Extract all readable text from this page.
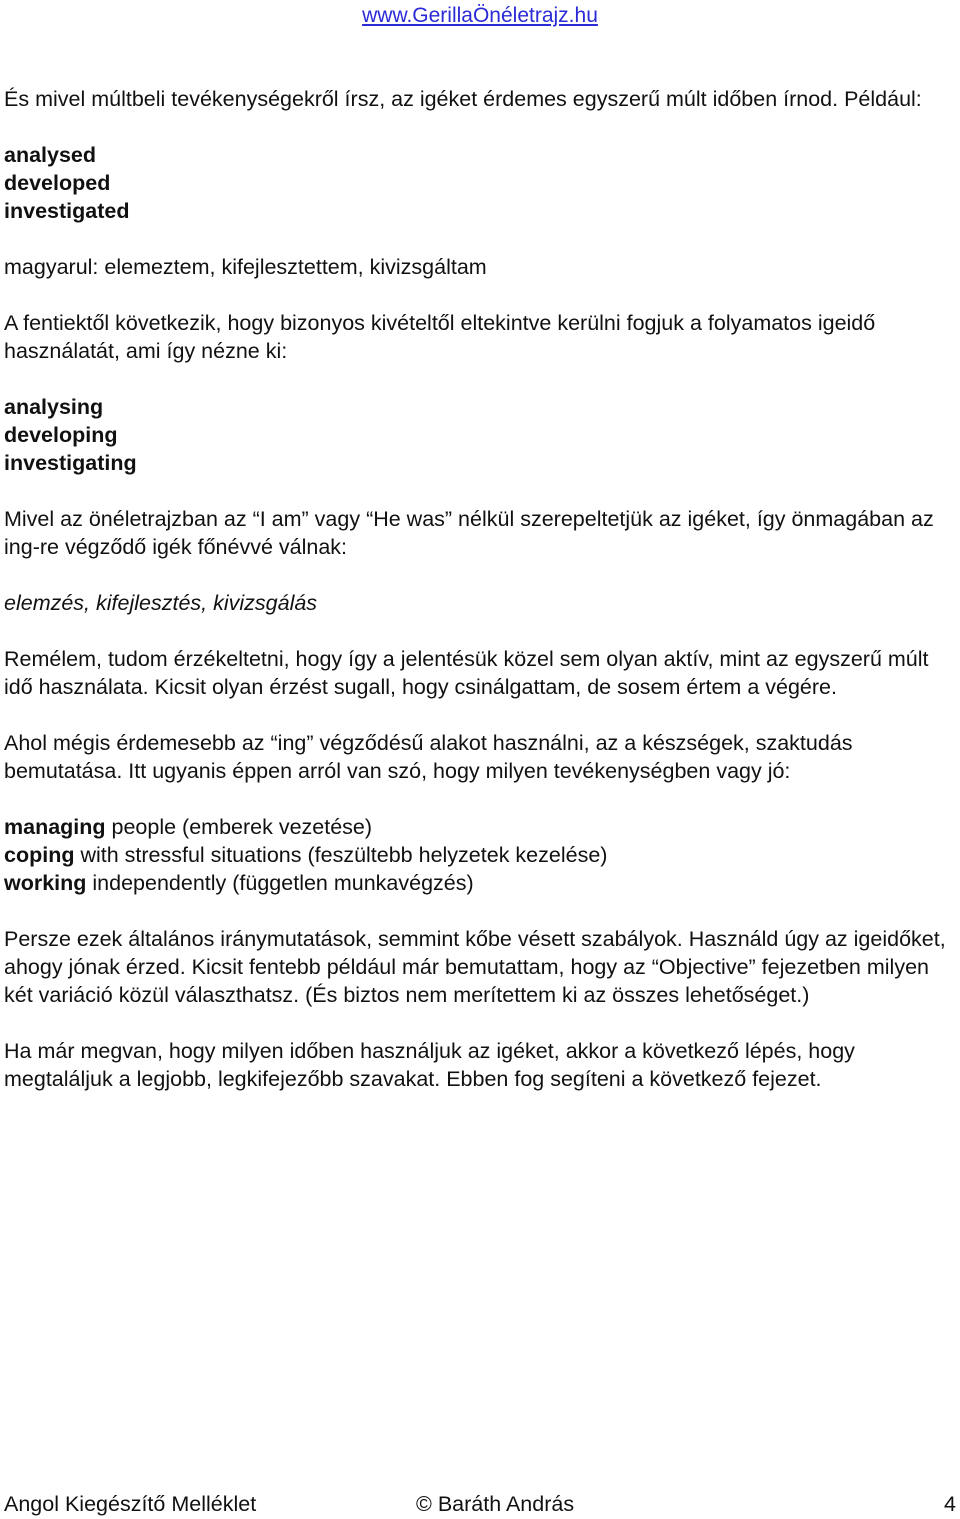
www.GerillaÖnéletrajz.hu

És mivel múltbeli tevékenységekről írsz, az igéket érdemes egyszerű múlt időben írnod. Például:

analysed
developed
investigated

magyarul: elemeztem, kifejlesztettem, kivizsgáltam

A fentiektől következik, hogy bizonyos kivételtől eltekintve kerülni fogjuk a folyamatos igeidő használatát, ami így nézne ki:

analysing
developing
investigating

Mivel az önéletrajzban az “I am” vagy “He was” nélkül szerepeltetjük az igéket, így önmagában az ing-re végződő igék főnévvé válnak:

elemzés, kifejlesztés, kivizsgálás

Remélem, tudom érzékeltetni, hogy így a jelentésük közel sem olyan aktív, mint az egyszerű múlt idő használata. Kicsit olyan érzést sugall, hogy csinálgattam, de sosem értem a végére.

Ahol mégis érdemesebb az “ing” végződésű alakot használni, az a készségek, szaktudás bemutatása. Itt ugyanis éppen arról van szó, hogy milyen tevékenységben vagy jó:

managing people (emberek vezetése)
coping with stressful situations (feszültebb helyzetek kezelése)
working independently (független munkavégzés)

Persze ezek általános iránymutatások, semmint kőbe vésett szabályok. Használd úgy az igeidőket, ahogy jónak érzed. Kicsit fentebb például már bemutattam, hogy az “Objective” fejezetben milyen két variáció közül választhatsz. (És biztos nem merítettem ki az összes lehetőséget.)

Ha már megvan, hogy milyen időben használjuk az igéket, akkor a következő lépés, hogy megtaláljuk a legjobb, legkifejezőbb szavakat. Ebben fog segíteni a következő fejezet.

Angol Kiegészítő Melléklet	© Baráth András	4
